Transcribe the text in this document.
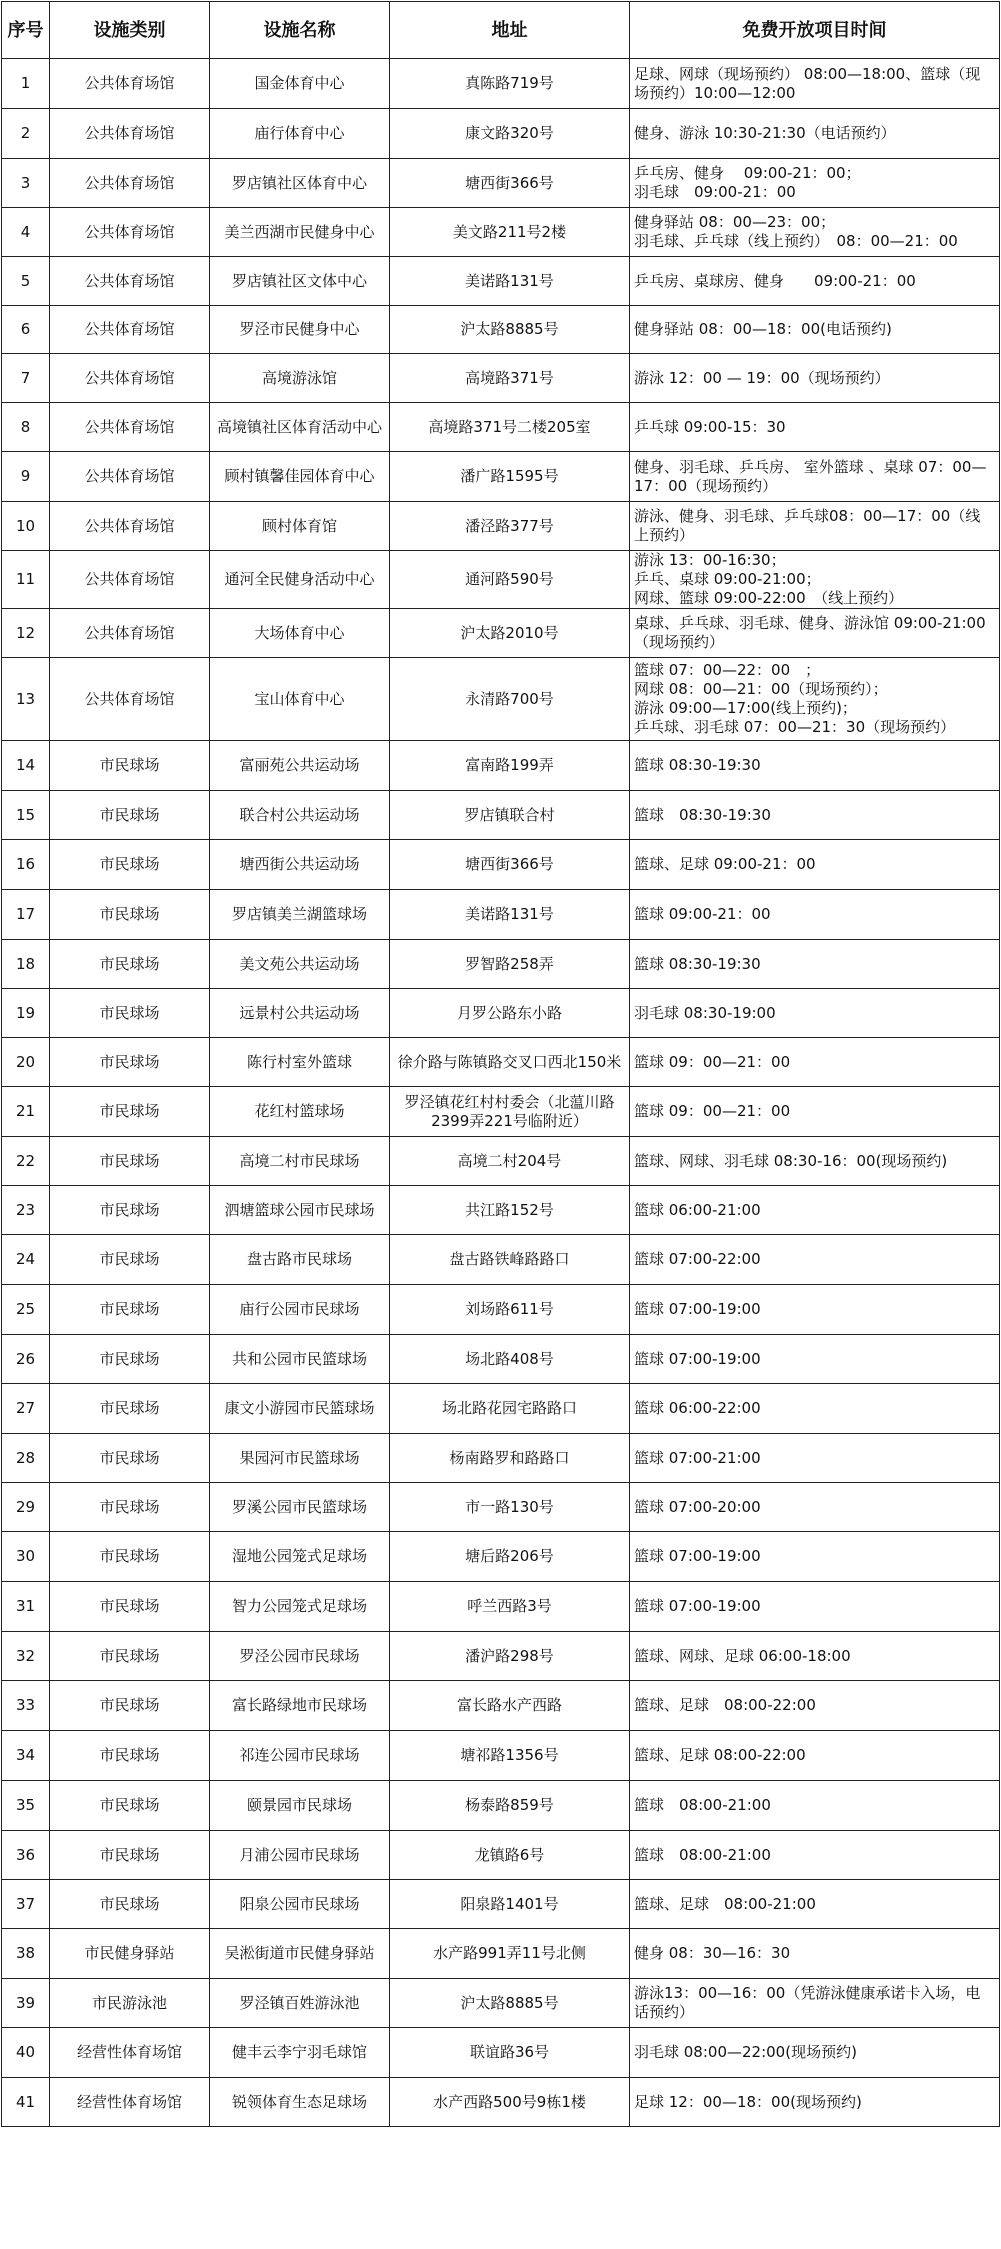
序号	设施类别	设施名称	地址	免费开放项目时间
1	公共体育场馆	国金体育中心	真陈路719号	足球、网球（现场预约） 08:00—18:00、篮球（现场预约）10:00—12:00
2	公共体育场馆	庙行体育中心	康文路320号	健身、游泳 10:30-21:30（电话预约）
3	公共体育场馆	罗店镇社区体育中心	塘西街366号	乒乓房、健身　 09:00-21：00；
羽毛球　09:00-21：00
4	公共体育场馆	美兰西湖市民健身中心	美文路211号2楼	健身驿站 08：00—23：00；
羽毛球、乒乓球（线上预约）　08：00—21：00
5	公共体育场馆	罗店镇社区文体中心	美诺路131号	乒乓房、桌球房、健身　　09:00-21：00
6	公共体育场馆	罗泾市民健身中心	沪太路8885号	健身驿站 08：00—18：00(电话预约)
7	公共体育场馆	高境游泳馆	高境路371号	游泳 12：00 — 19：00（现场预约）
8	公共体育场馆	高境镇社区体育活动中心	高境路371号二楼205室	乒乓球 09:00-15：30
9	公共体育场馆	顾村镇馨佳园体育中心	潘广路1595号	健身、羽毛球、乒乓房、 室外篮球 、桌球 07：00—17：00（现场预约）
10	公共体育场馆	顾村体育馆	潘泾路377号	游泳、健身、羽毛球、乒乓球08：00—17：00（线上预约）
11	公共体育场馆	通河全民健身活动中心	通河路590号	游泳 13：00-16:30；
乒乓、桌球 09:00-21:00；
网球、篮球 09:00-22:00　（线上预约）
12	公共体育场馆	大场体育中心	沪太路2010号	桌球、乒乓球、羽毛球、健身、游泳馆 09:00-21:00（现场预约）
13	公共体育场馆	宝山体育中心	永清路700号	篮球 07：00—22：00　；
网球 08：00—21：00（现场预约）；
游泳 09:00—17:00(线上预约)；
乒乓球、羽毛球 07：00—21：30（现场预约）
14	市民球场	富丽苑公共运动场	富南路199弄	篮球 08:30-19:30
15	市民球场	联合村公共运动场	罗店镇联合村	篮球　08:30-19:30
16	市民球场	塘西街公共运动场	塘西街366号	篮球、足球 09:00-21：00
17	市民球场	罗店镇美兰湖篮球场	美诺路131号	篮球 09:00-21：00
18	市民球场	美文苑公共运动场	罗智路258弄	篮球 08:30-19:30
19	市民球场	远景村公共运动场	月罗公路东小路	羽毛球 08:30-19:00
20	市民球场	陈行村室外篮球	徐介路与陈镇路交叉口西北150米	篮球 09：00—21：00
21	市民球场	花红村篮球场	罗泾镇花红村村委会（北蕰川路2399弄221号临附近）	篮球 09：00—21：00
22	市民球场	高境二村市民球场	高境二村204号	篮球、网球、羽毛球 08:30-16：00(现场预约)
23	市民球场	泗塘篮球公园市民球场	共江路152号	篮球 06:00-21:00
24	市民球场	盘古路市民球场	盘古路铁峰路路口	篮球 07:00-22:00
25	市民球场	庙行公园市民球场	刘场路611号	篮球 07:00-19:00
26	市民球场	共和公园市民篮球场	场北路408号	篮球 07:00-19:00
27	市民球场	康文小游园市民篮球场	场北路花园宅路路口	篮球 06:00-22:00
28	市民球场	果园河市民篮球场	杨南路罗和路路口	篮球 07:00-21:00
29	市民球场	罗溪公园市民篮球场	市一路130号	篮球 07:00-20:00
30	市民球场	湿地公园笼式足球场	塘后路206号	篮球 07:00-19:00
31	市民球场	智力公园笼式足球场	呼兰西路3号	篮球 07:00-19:00
32	市民球场	罗泾公园市民球场	潘沪路298号	篮球、网球、足球 06:00-18:00
33	市民球场	富长路绿地市民球场	富长路水产西路	篮球、足球　08:00-22:00
34	市民球场	祁连公园市民球场	塘祁路1356号	篮球、足球 08:00-22:00
35	市民球场	颐景园市民球场	杨泰路859号	篮球　08:00-21:00
36	市民球场	月浦公园市民球场	龙镇路6号	篮球　08:00-21:00
37	市民球场	阳泉公园市民球场	阳泉路1401号	篮球、足球　08:00-21:00
38	市民健身驿站	吴淞街道市民健身驿站	水产路991弄11号北侧	健身 08：30—16：30
39	市民游泳池	罗泾镇百姓游泳池	沪太路8885号	游泳13：00—16：00（凭游泳健康承诺卡入场，电话预约）
40	经营性体育场馆	健丰云李宁羽毛球馆	联谊路36号	羽毛球 08:00—22:00(现场预约)
41	经营性体育场馆	锐领体育生态足球场	水产西路500号9栋1楼	足球 12：00—18：00(现场预约)
